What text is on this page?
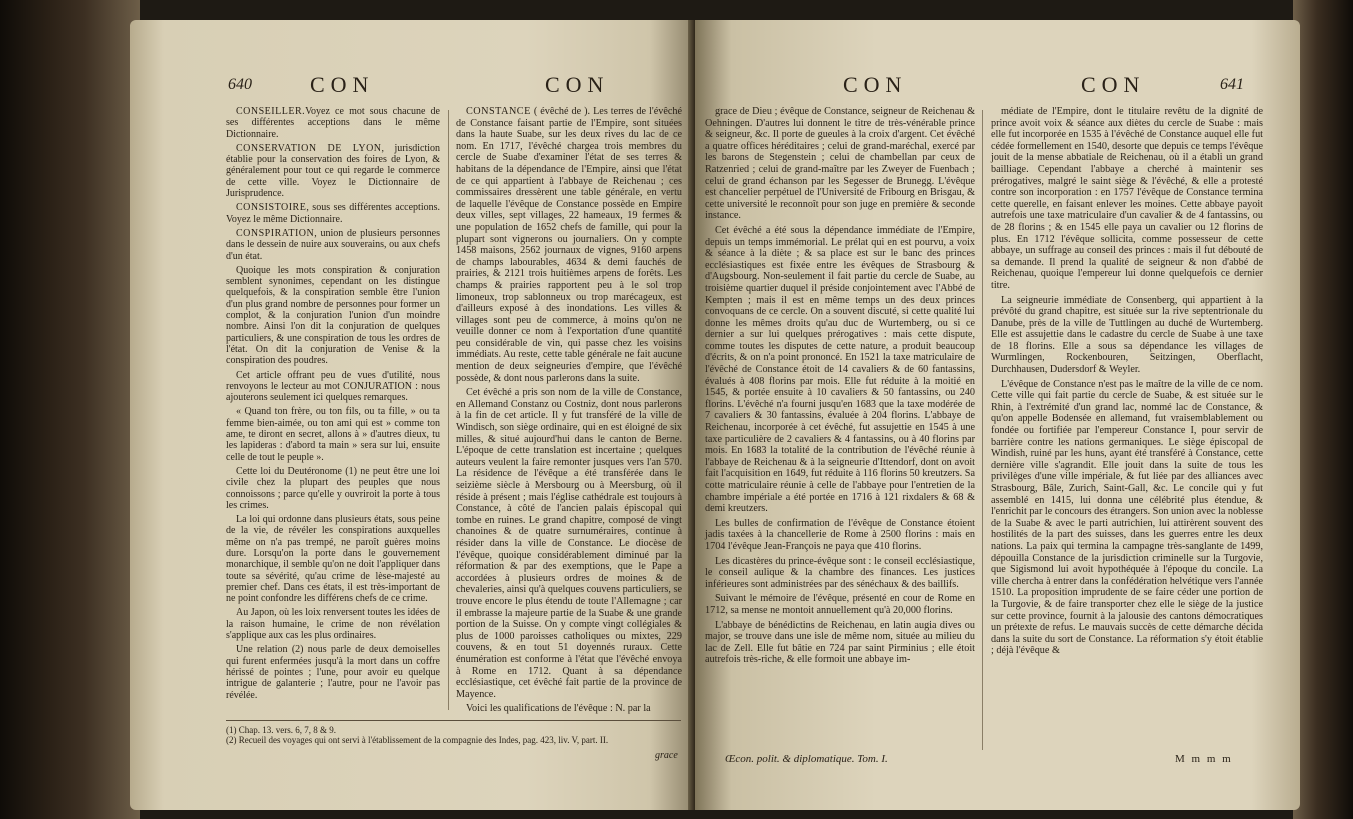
640	CON	CON

CONSEILLER.Voyez ce mot sous chacune de ses différentes acceptions dans le même Dictionnaire.

CONSERVATION DE LYON, jurisdiction établie pour la conservation des foires de Lyon, & généralement pour tout ce qui regarde le commerce de cette ville. Voyez le Dictionnaire de Jurisprudence.

CONSISTOIRE, sous ses différentes acceptions. Voyez le même Dictionnaire.

CONSPIRATION, union de plusieurs personnes dans le dessein de nuire aux souverains, ou aux chefs d'un état.

Quoique les mots conspiration & conjuration semblent synonimes, cependant on les distingue quelquefois, & la conspiration semble être l'union d'un plus grand nombre de personnes pour former un complot, & la conjuration l'union d'un moindre nombre. Ainsi l'on dit la conjuration de quelques particuliers, & une conspiration de tous les ordres de l'état. On dit la conjuration de Venise & la conspiration des poudres.

Cet article offrant peu de vues d'utilité, nous renvoyons le lecteur au mot CONJURATION : nous ajouterons seulement ici quelques remarques.

« Quand ton frère, ou ton fils, ou ta fille, » ou ta femme bien-aimée, ou ton ami qui est » comme ton ame, te diront en secret, allons à » d'autres dieux, tu les lapideras : d'abord ta main » sera sur lui, ensuite celle de tout le peuple ».

Cette loi du Deutéronome (1) ne peut être une loi civile chez la plupart des peuples que nous connoissons ; parce qu'elle y ouvriroit la porte à tous les crimes.

La loi qui ordonne dans plusieurs états, sous peine de la vie, de révéler les conspirations auxquelles même on n'a pas trempé, ne paroît guères moins dure. Lorsqu'on la porte dans le gouvernement monarchique, il semble qu'on ne doit l'appliquer dans toute sa sévérité, qu'au crime de lèse-majesté au premier chef. Dans ces états, il est très-important de ne point confondre les différens chefs de ce crime.

Au Japon, où les loix renversent toutes les idées de la raison humaine, le crime de non révélation s'applique aux cas les plus ordinaires.

Une relation (2) nous parle de deux demoiselles qui furent enfermées jusqu'à la mort dans un coffre hérissé de pointes ; l'une, pour avoir eu quelque intrigue de galanterie ; l'autre, pour ne l'avoir pas révélée.

CONSTANCE ( évêché de ). Les terres de l'évêché de Constance faisant partie de l'Empire, sont situées dans la haute Suabe, sur les deux rives du lac de ce nom. En 1717, l'évêché chargea trois membres du cercle de Suabe d'examiner l'état de ses terres & habitans de la dépendance de l'Empire, ainsi que l'état de ce qui appartient à l'abbaye de Reichenau ; ces commissaires dressèrent une table générale, en vertu de laquelle l'évêque de Constance possède en Empire deux villes, sept villages, 22 hameaux, 19 fermes & une population de 1652 chefs de famille, qui pour la plupart sont vignerons ou journaliers. On y compte 1458 maisons, 2562 journaux de vignes, 9160 arpens de champs labourables, 4634 & demi fauchés de prairies, & 2121 trois huitièmes arpens de forêts. Les champs & prairies rapportent peu à le sol trop limoneux, trop sablonneux ou trop marécageux, est d'ailleurs exposé à des inondations. Les villes & villages sont peu de commerce, à moins qu'on ne veuille donner ce nom à l'exportation d'une quantité peu considérable de vin, qui passe chez les voisins immédiats. Au reste, cette table générale ne fait aucune mention de deux seigneuries d'empire, que l'évêché possède, & dont nous parlerons dans la suite.

Cet évêché a pris son nom de la ville de Constance, en Allemand Constanz ou Costniz, dont nous parlerons à la fin de cet article. Il y fut transféré de la ville de Windisch, son siège ordinaire, qui en est éloigné de six milles, & situé aujourd'hui dans le canton de Berne. L'époque de cette translation est incertaine ; quelques auteurs veulent la faire remonter jusques vers l'an 570. La résidence de l'évêque a été transférée dans le seizième siècle à Mersbourg ou à Meersburg, où il réside à présent ; mais l'église cathédrale est toujours à Constance, à côté de l'ancien palais épiscopal qui tombe en ruines. Le grand chapitre, composé de vingt chanoines & de quatre surnuméraires, continue à résider dans la ville de Constance. Le diocèse de l'évêque, quoique considérablement diminué par la réformation & par des exemptions, que le Pape a accordées à plusieurs ordres de moines & de chevaleries, ainsi qu'à quelques couvens particuliers, se trouve encore le plus étendu de toute l'Allemagne ; car il embrasse la majeure partie de la Suabe & une grande portion de la Suisse. On y compte vingt collégiales & plus de 1000 paroisses catholiques ou mixtes, 229 couvens, & en tout 51 doyennés ruraux. Cette énumération est conforme à l'état que l'évêché envoya à Rome en 1712. Quant à sa dépendance ecclésiastique, cet évêché fait partie de la province de Mayence.

Voici les qualifications de l'évêque : N. par la

(1) Chap. 13. vers. 6, 7, 8 & 9.
(2) Recueil des voyages qui ont servi à l'établissement de la compagnie des Indes, pag. 423, liv. V, part. II.
grace
CON	CON	641

grace de Dieu ; évêque de Constance, seigneur de Reichenau & Oehningen. D'autres lui donnent le titre de très-vénérable prince & seigneur, &c. Il porte de gueules à la croix d'argent. Cet évêché a quatre offices héréditaires ; celui de grand-maréchal, exercé par les barons de Stegenstein ; celui de chambellan par ceux de Ratzenried ; celui de grand-maître par les Zweyer de Fuenbach ; celui de grand échanson par les Segesser de Brunegg. L'évêque est chancelier perpétuel de l'Université de Fribourg en Brisgau, & cette université le reconnoît pour son juge en première & seconde instance.

Cet évêché a été sous la dépendance immédiate de l'Empire, depuis un temps immémorial. Le prélat qui en est pourvu, a voix & séance à la diète ; & sa place est sur le banc des princes ecclésiastiques est fixée entre les évêques de Strasbourg & d'Augsbourg. Non-seulement il fait partie du cercle de Suabe, au troisième quartier duquel il préside conjointement avec l'Abbé de Kempten ; mais il est en même temps un des deux princes convoquans de ce cercle. On a souvent discuté, si cette qualité lui donne les mêmes droits qu'au duc de Wurtemberg, ou si ce dernier a sur lui quelques prérogatives : mais cette dispute, comme toutes les disputes de cette nature, a produit beaucoup d'écrits, & on n'a point prononcé. En 1521 la taxe matriculaire de l'évêché de Constance étoit de 14 cavaliers & de 60 fantassins, évalués à 408 florins par mois. Elle fut réduite à la moitié en 1545, & portée ensuite à 10 cavaliers & 50 fantassins, ou 240 florins. L'évêché n'a fourni jusqu'en 1683 que la taxe modérée de 7 cavaliers & 30 fantassins, évaluée à 204 florins. L'abbaye de Reichenau, incorporée à cet évêché, fut assujettie en 1545 à une taxe particulière de 2 cavaliers & 4 fantassins, ou à 40 florins par mois. En 1683 la totalité de la contribution de l'évêché réunie à l'abbaye de Reichenau & à la seigneurie d'Ittendorf, dont on avoit fait l'acquisition en 1649, fut réduite à 116 florins 50 kreutzers. Sa cotte matriculaire réunie à celle de l'abbaye pour l'entretien de la chambre impériale a été portée en 1716 à 121 rixdalers & 68 & demi kreutzers.

Les bulles de confirmation de l'évêque de Constance étoient jadis taxées à la chancellerie de Rome à 2500 florins : mais en 1704 l'évêque Jean-François ne paya que 410 florins.

Les dicastères du prince-évêque sont : le conseil ecclésiastique, le conseil aulique & la chambre des finances. Les justices inférieures sont administrées par des sénéchaux & des baillifs.

Suivant le mémoire de l'évêque, présenté en cour de Rome en 1712, sa mense ne montoit annuellement qu'à 20,000 florins.

L'abbaye de bénédictins de Reichenau, en latin augia dives ou major, se trouve dans une isle de même nom, située au milieu du lac de Zell. Elle fut bâtie en 724 par saint Pirminius ; elle étoit autrefois très-riche, & elle formoit une abbaye im-

médiate de l'Empire, dont le titulaire revêtu de la dignité de prince avoit voix & séance aux diètes du cercle de Suabe : mais elle fut incorporée en 1535 à l'évêché de Constance auquel elle fut cédée formellement en 1540, desorte que depuis ce temps l'évêque jouit de la mense abbatiale de Reichenau, où il a établi un grand bailliage. Cependant l'abbaye a cherché à maintenir ses prérogatives, malgré le saint siège & l'évêché, & elle a protesté contre son incorporation : en 1757 l'évêque de Constance termina cette querelle, en faisant enlever les moines. Cette abbaye payoit autrefois une taxe matriculaire d'un cavalier & de 4 fantassins, ou de 28 florins ; & en 1545 elle paya un cavalier ou 12 florins de plus. En 1712 l'évêque sollicita, comme possesseur de cette abbaye, un suffrage au conseil des princes : mais il fut débouté de sa demande. Il prend la qualité de seigneur & non d'abbé de Reichenau, quoique l'empereur lui donne quelquefois ce dernier titre.

La seigneurie immédiate de Consenberg, qui appartient à la prévôté du grand chapitre, est située sur la rive septentrionale du Danube, près de la ville de Tuttlingen au duché de Wurtemberg. Elle est assujettie dans le cadastre du cercle de Suabe à une taxe de 18 florins. Elle a sous sa dépendance les villages de Wurmlingen, Rockenbouren, Seitzingen, Oberflacht, Durchhausen, Dudersdorf & Weyler.

L'évêque de Constance n'est pas le maître de la ville de ce nom. Cette ville qui fait partie du cercle de Suabe, & est située sur le Rhin, à l'extrémité d'un grand lac, nommé lac de Constance, & qu'on appelle Bodensée en allemand, fut vraisemblablement ou fondée ou fortifiée par l'empereur Constance I, pour servir de barrière contre les nations germaniques. Le siège épiscopal de Windish, ruiné par les huns, ayant été transféré à Constance, cette dernière ville s'agrandit. Elle jouit dans la suite de tous les privilèges d'une ville impériale, & fut liée par des alliances avec Strasbourg, Bâle, Zurich, Saint-Gall, &c. Le concile qui y fut assemblé en 1415, lui donna une célébrité plus étendue, & l'enrichit par le concours des étrangers. Son union avec la noblesse de la Suabe & avec le parti autrichien, lui attirèrent souvent des hostilités de la part des suisses, dans les guerres entre les deux nations. La paix qui termina la campagne très-sanglante de 1499, dépouilla Constance de la jurisdiction criminelle sur la Turgovie, que Sigismond lui avoit hypothéquée à l'époque du concile. La ville chercha à entrer dans la confédération helvétique vers l'année 1510. La proposition imprudente de se faire céder une portion de la Turgovie, & de faire transporter chez elle le siège de la justice sur cette province, fournit à la jalousie des cantons démocratiques un prétexte de refus. Le mauvais succès de cette démarche décida dans la suite du sort de Constance. La réformation s'y étoit établie ; déjà l'évêque &

Œcon. polit. & diplomatique. Tom. I.	M m m m
